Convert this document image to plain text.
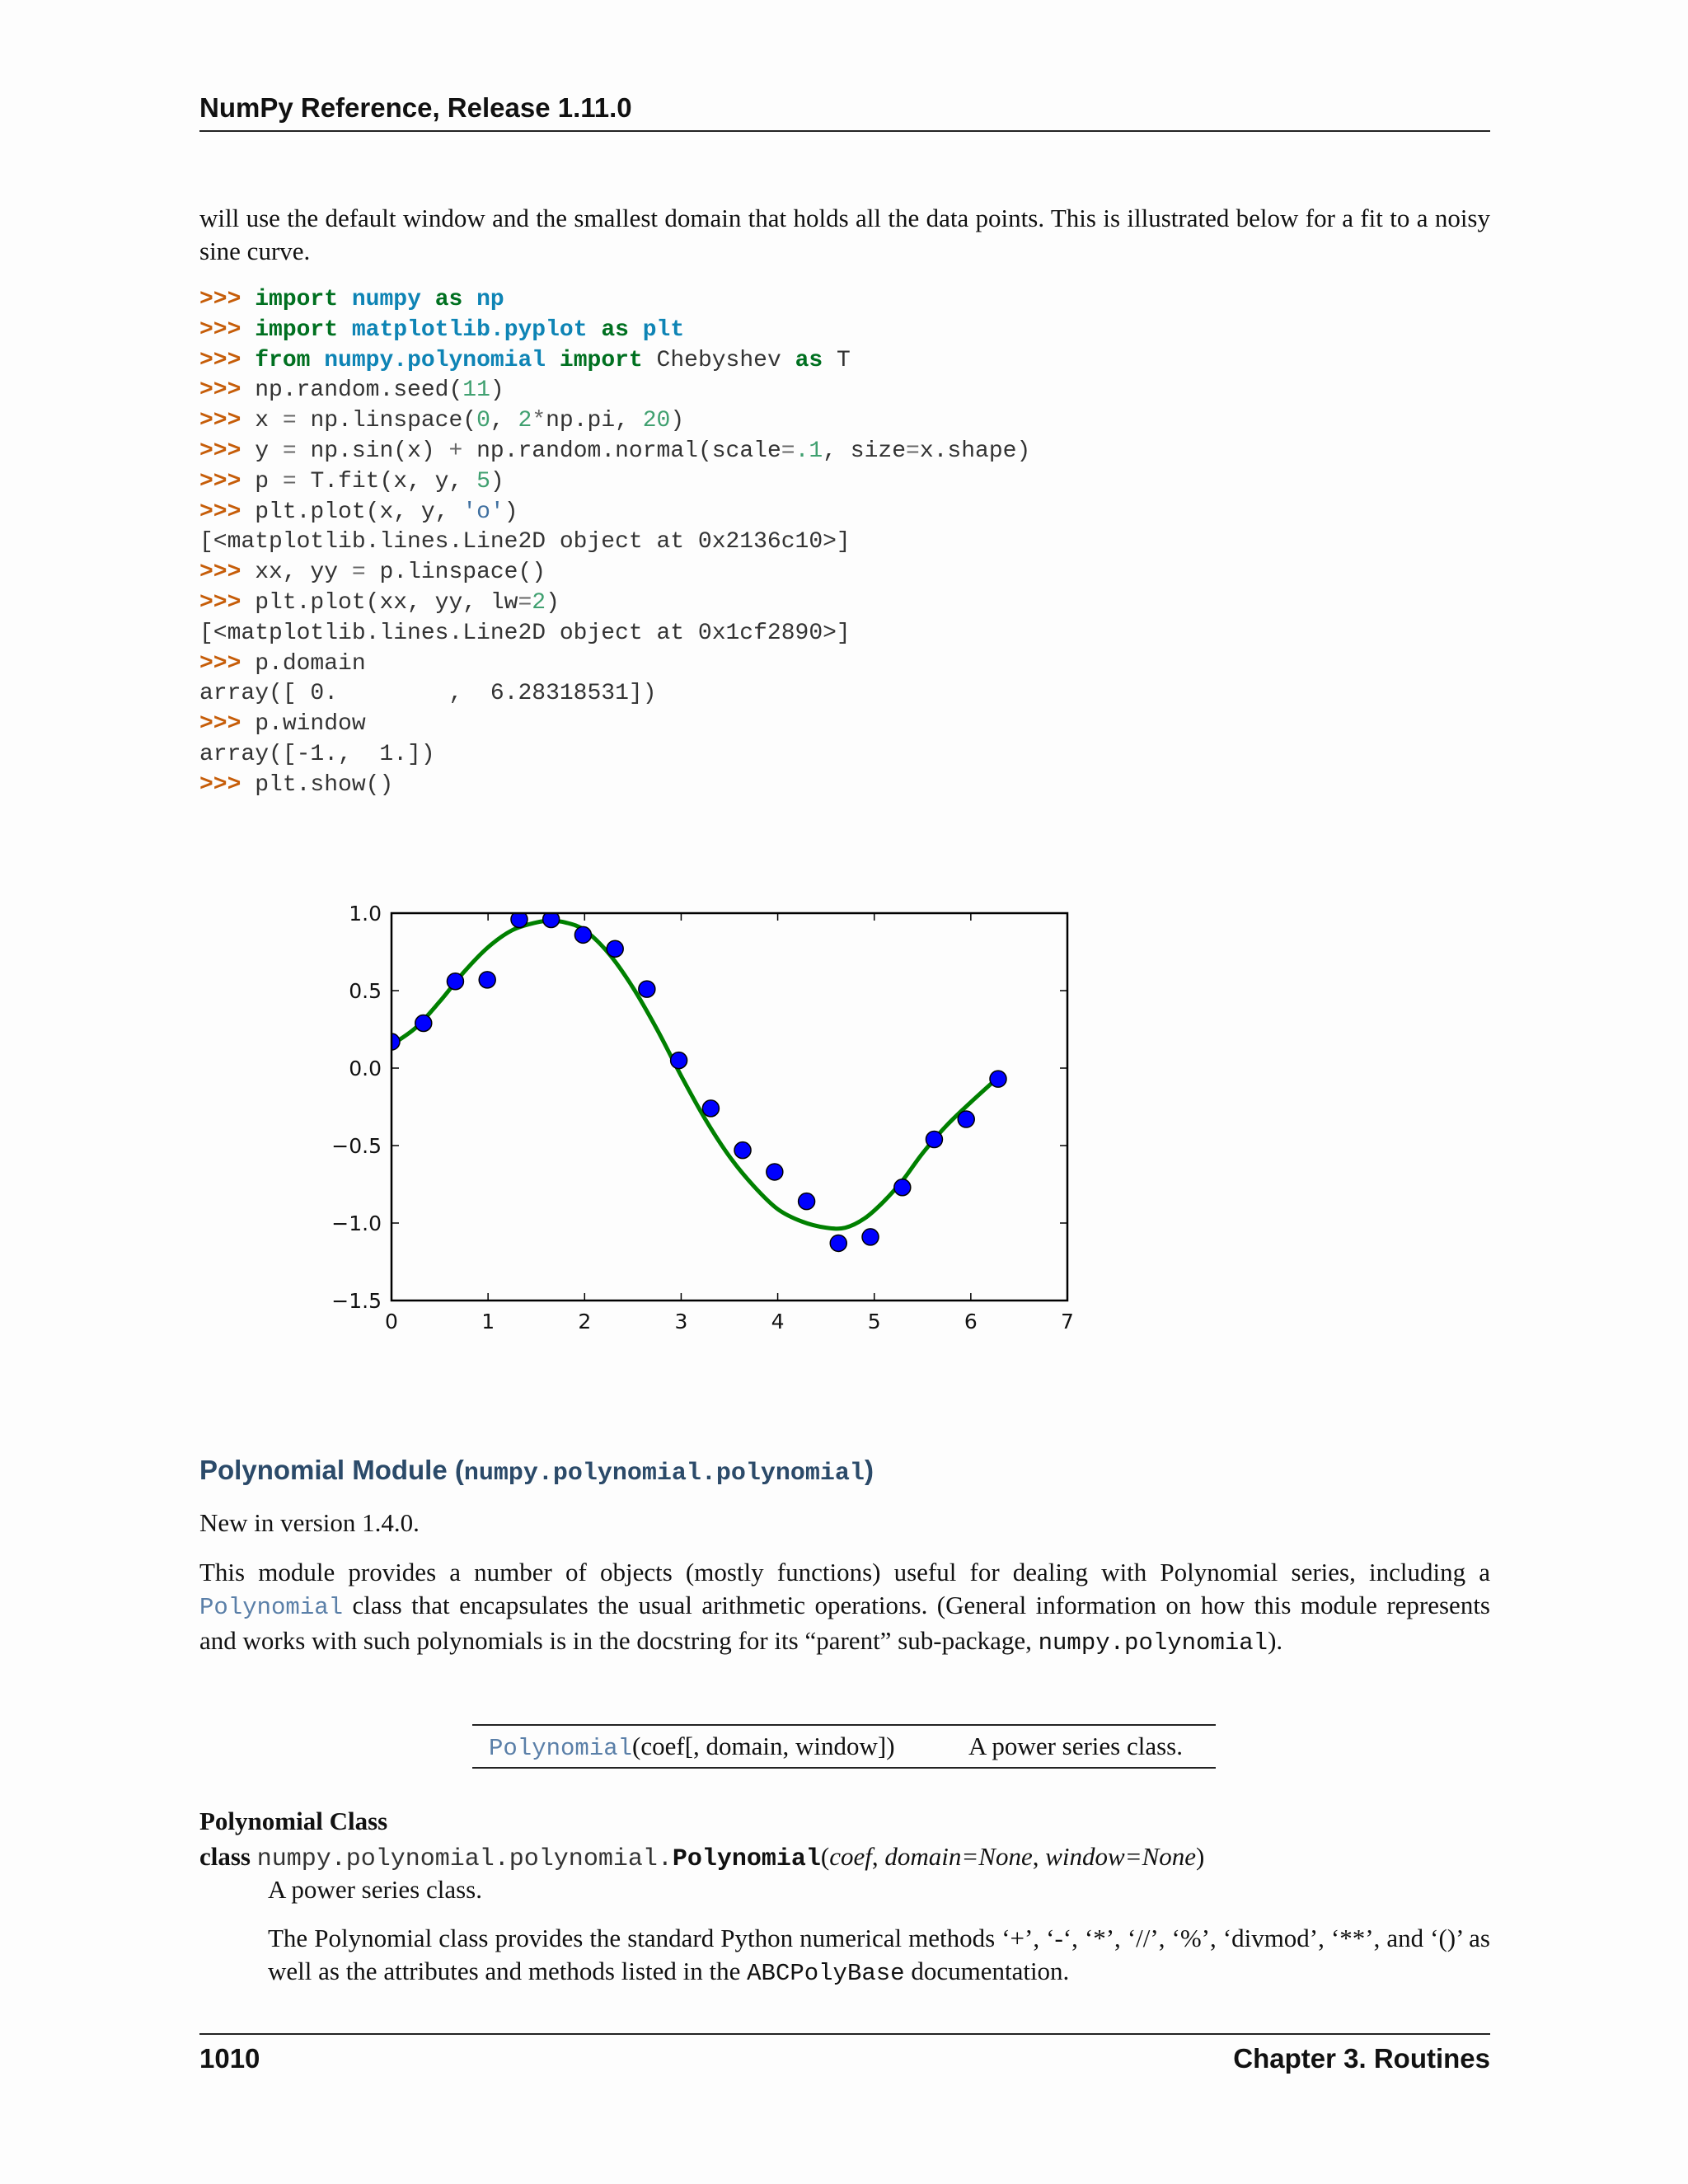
NumPy Reference, Release 1.11.0

will use the default window and the smallest domain that holds all the data points. This is illustrated below for a fit to a noisy sine curve.

>>> import numpy as np
>>> import matplotlib.pyplot as plt
>>> from numpy.polynomial import Chebyshev as T
>>> np.random.seed(11)
>>> x = np.linspace(0, 2*np.pi, 20)
>>> y = np.sin(x) + np.random.normal(scale=.1, size=x.shape)
>>> p = T.fit(x, y, 5)
>>> plt.plot(x, y, 'o')
[<matplotlib.lines.Line2D object at 0x2136c10>]
>>> xx, yy = p.linspace()
>>> plt.plot(xx, yy, lw=2)
[<matplotlib.lines.Line2D object at 0x1cf2890>]
>>> p.domain
array([ 0.        ,  6.28318531])
>>> p.window
array([-1.,  1.])
>>> plt.show()
0	1	2	3	4	5	6	7
1.0
0.5
0.0
−0.5
−1.0
−1.5
Polynomial Module (numpy.polynomial.polynomial)

New in version 1.4.0.

This module provides a number of objects (mostly functions) useful for dealing with Polynomial series, including a Polynomial class that encapsulates the usual arithmetic operations. (General information on how this module represents and works with such polynomials is in the docstring for its “parent” sub-package, numpy.polynomial).

Polynomial(coef[, domain, window])	A power series class.
Polynomial Class
class numpy.polynomial.polynomial.Polynomial(coef, domain=None, window=None)

A power series class.

The Polynomial class provides the standard Python numerical methods ‘+’, ‘-‘, ‘*’, ‘//’, ‘%’, ‘divmod’, ‘**’, and ‘()’ as well as the attributes and methods listed in the ABCPolyBase documentation.

1010	Chapter 3. Routines
